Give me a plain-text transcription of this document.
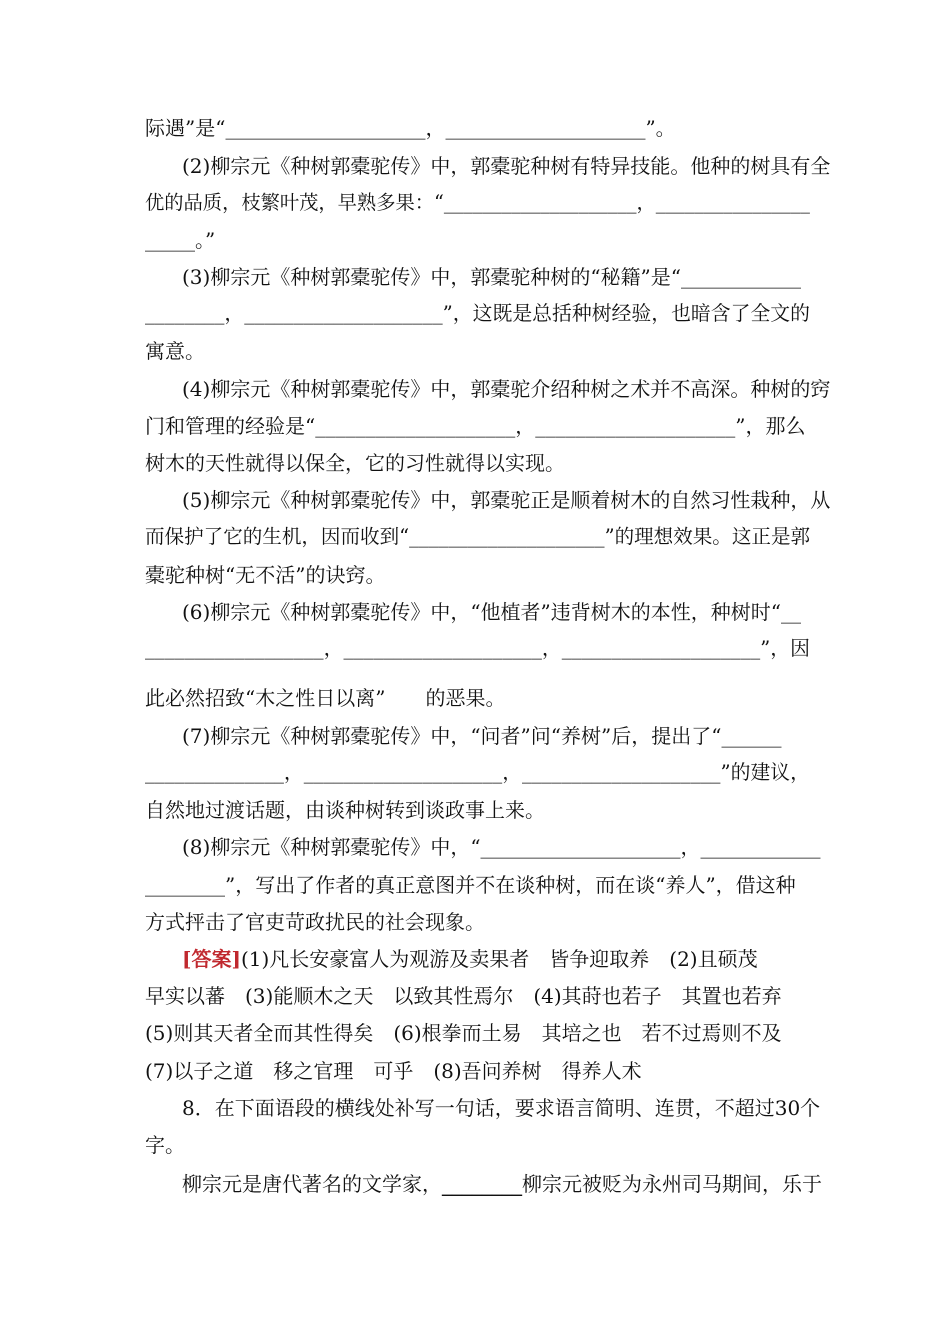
际遇”是“____________________，____________________”。
(2)柳宗元《种树郭橐驼传》中，郭橐驼种树有特异技能。他种的树具有全
优的品质，枝繁叶茂，早熟多果：“____________________，________________
_____。”
(3)柳宗元《种树郭橐驼传》中，郭橐驼种树的“秘籍”是“____________
________，____________________”，这既是总括种树经验，也暗含了全文的
寓意。
(4)柳宗元《种树郭橐驼传》中，郭橐驼介绍种树之术并不高深。种树的窍
门和管理的经验是“____________________，____________________”，那么
树木的天性就得以保全，它的习性就得以实现。
(5)柳宗元《种树郭橐驼传》中，郭橐驼正是顺着树木的自然习性栽种，从
而保护了它的生机，因而收到“____________________”的理想效果。这正是郭
橐驼种树“无不活”的诀窍。
(6)柳宗元《种树郭橐驼传》中，“他植者”违背树木的本性，种树时“__
__________________，____________________，____________________”，因
此必然招致“木之性日以离”　　的恶果。
(7)柳宗元《种树郭橐驼传》中，“问者”问“养树”后，提出了“______
______________，____________________，____________________”的建议，
自然地过渡话题，由谈种树转到谈政事上来。
(8)柳宗元《种树郭橐驼传》中，“____________________，____________
________”，写出了作者的真正意图并不在谈种树，而在谈“养人”，借这种
方式抨击了官吏苛政扰民的社会现象。
[答案](1)凡长安豪富人为观游及卖果者　皆争迎取养　(2)且硕茂
早实以蕃　(3)能顺木之天　以致其性焉尔　(4)其莳也若子　其置也若弃
(5)则其天者全而其性得矣　(6)根拳而土易　其培之也　若不过焉则不及
(7)以子之道　移之官理　可乎　(8)吾问养树　得养人术
8．在下面语段的横线处补写一句话，要求语言简明、连贯，不超过30个
字。
柳宗元是唐代著名的文学家，________柳宗元被贬为永州司马期间，乐于
